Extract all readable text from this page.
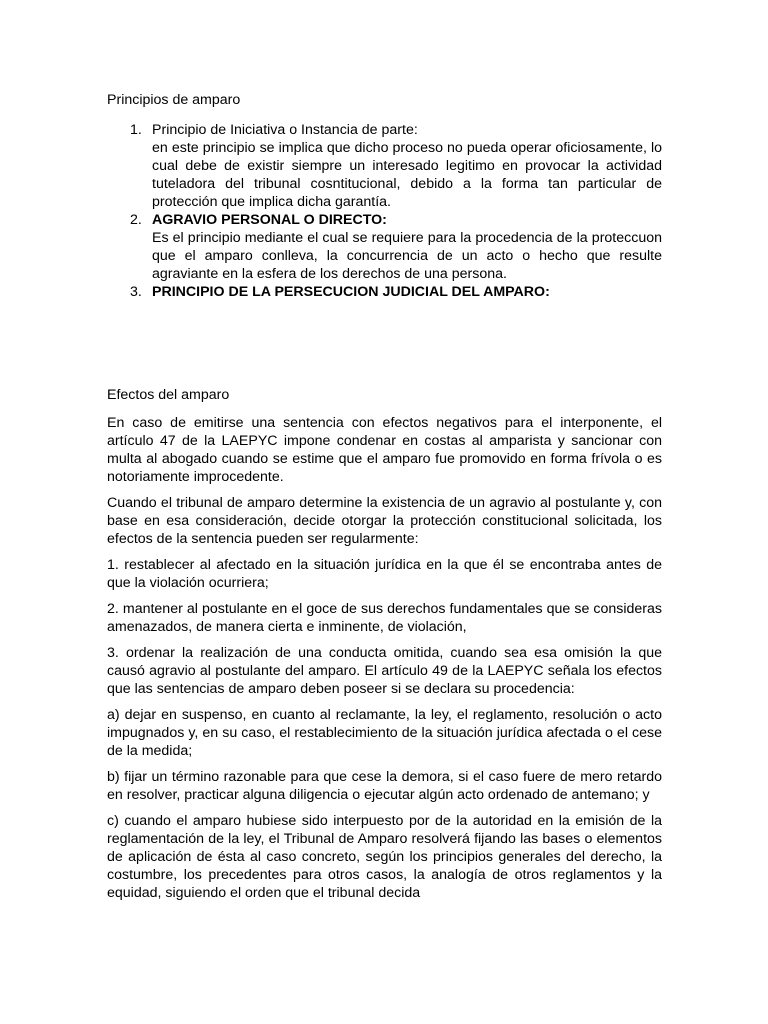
Principios de amparo
1. Principio de Iniciativa o Instancia de parte:
en este principio se implica que dicho proceso no pueda operar oficiosamente, lo cual debe de existir siempre un interesado legitimo en provocar la actividad tuteladora del tribunal cosntitucional, debido a la forma tan particular de protección que implica dicha garantía.
2. AGRAVIO PERSONAL O DIRECTO:
Es el principio mediante el cual se requiere para la procedencia de la proteccuon que el amparo conlleva, la concurrencia de un acto o hecho que resulte agraviante en la esfera de los derechos de una persona.
3. PRINCIPIO DE LA PERSECUCION JUDICIAL DEL AMPARO:
Efectos del amparo

En caso de emitirse una sentencia con efectos negativos para el interponente, el artículo 47 de la LAEPYC impone condenar en costas al amparista y sancionar con multa al abogado cuando se estime que el amparo fue promovido en forma frívola o es notoriamente improcedente.

Cuando el tribunal de amparo determine la existencia de un agravio al postulante y, con base en esa consideración, decide otorgar la protección constitucional solicitada, los efectos de la sentencia pueden ser regularmente:

1. restablecer al afectado en la situación jurídica en la que él se encontraba antes de que la violación ocurriera;

2. mantener al postulante en el goce de sus derechos fundamentales que se consideras amenazados, de manera cierta e inminente, de violación,

3. ordenar la realización de una conducta omitida, cuando sea esa omisión la que causó agravio al postulante del amparo. El artículo 49 de la LAEPYC señala los efectos que las sentencias de amparo deben poseer si se declara su procedencia:

a) dejar en suspenso, en cuanto al reclamante, la ley, el reglamento, resolución o acto impugnados y, en su caso, el restablecimiento de la situación jurídica afectada o el cese de la medida;

b) fijar un término razonable para que cese la demora, si el caso fuere de mero retardo en resolver, practicar alguna diligencia o ejecutar algún acto ordenado de antemano; y

c) cuando el amparo hubiese sido interpuesto por de la autoridad en la emisión de la reglamentación de la ley, el Tribunal de Amparo resolverá fijando las bases o elementos de aplicación de ésta al caso concreto, según los principios generales del derecho, la costumbre, los precedentes para otros casos, la analogía de otros reglamentos y la equidad, siguiendo el orden que el tribunal decida
